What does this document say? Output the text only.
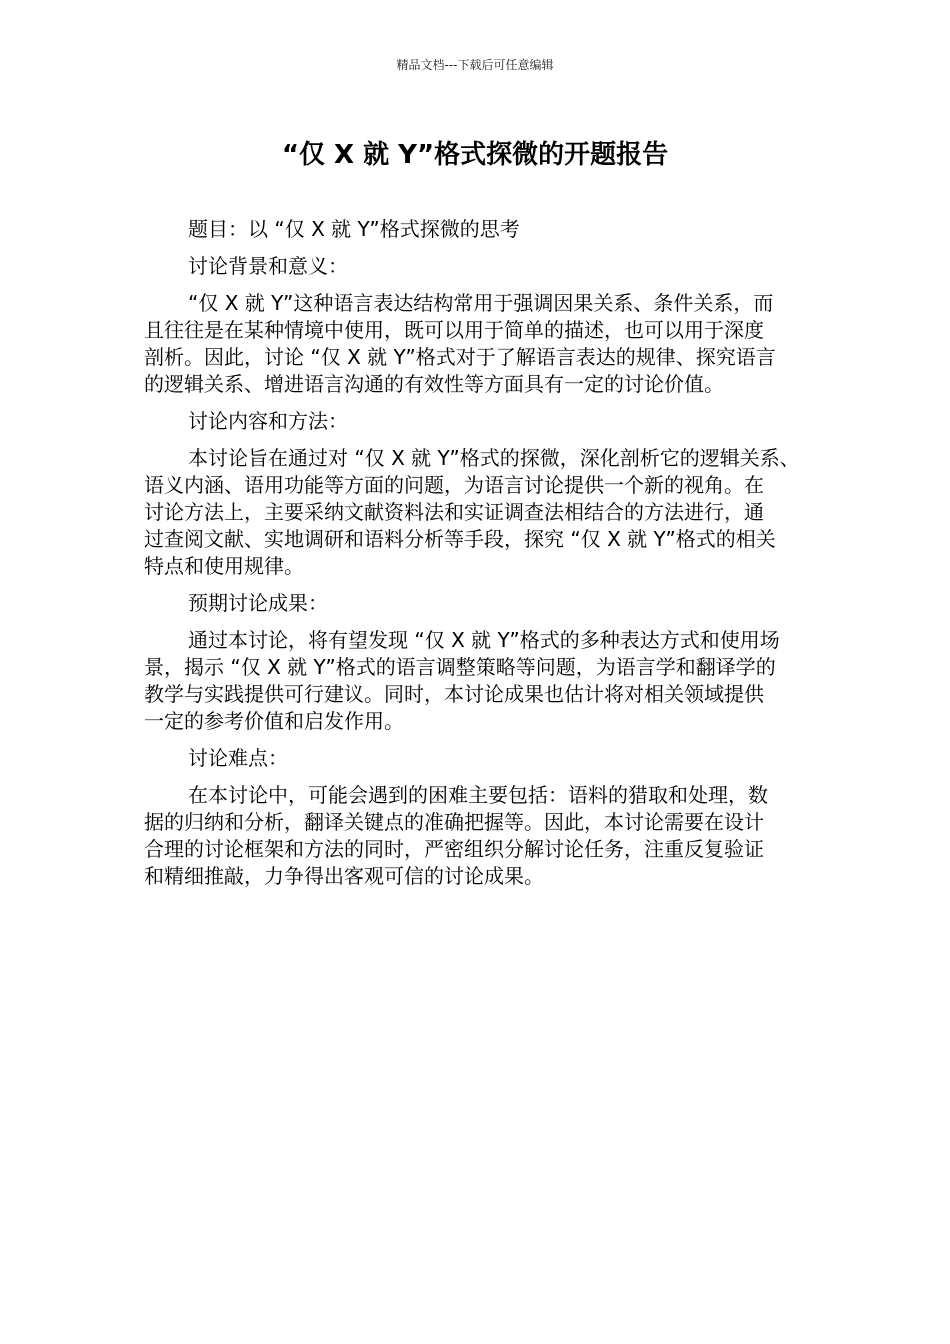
精品文档---下载后可任意编辑
“仅 X 就 Y”格式探微的开题报告

题目：以 “仅 X 就 Y”格式探微的思考

讨论背景和意义：

“仅 X 就 Y”这种语言表达结构常用于强调因果关系、条件关系，而
且往往是在某种情境中使用，既可以用于简单的描述，也可以用于深度
剖析。因此，讨论 “仅 X 就 Y”格式对于了解语言表达的规律、探究语言
的逻辑关系、增进语言沟通的有效性等方面具有一定的讨论价值。

讨论内容和方法：

本讨论旨在通过对 “仅 X 就 Y”格式的探微，深化剖析它的逻辑关系、
语义内涵、语用功能等方面的问题，为语言讨论提供一个新的视角。在
讨论方法上，主要采纳文献资料法和实证调查法相结合的方法进行，通
过查阅文献、实地调研和语料分析等手段，探究 “仅 X 就 Y”格式的相关
特点和使用规律。

预期讨论成果：

通过本讨论，将有望发现 “仅 X 就 Y”格式的多种表达方式和使用场
景，揭示 “仅 X 就 Y”格式的语言调整策略等问题，为语言学和翻译学的
教学与实践提供可行建议。同时，本讨论成果也估计将对相关领域提供
一定的参考价值和启发作用。

讨论难点：

在本讨论中，可能会遇到的困难主要包括：语料的猎取和处理，数
据的归纳和分析，翻译关键点的准确把握等。因此，本讨论需要在设计
合理的讨论框架和方法的同时，严密组织分解讨论任务，注重反复验证
和精细推敲，力争得出客观可信的讨论成果。
